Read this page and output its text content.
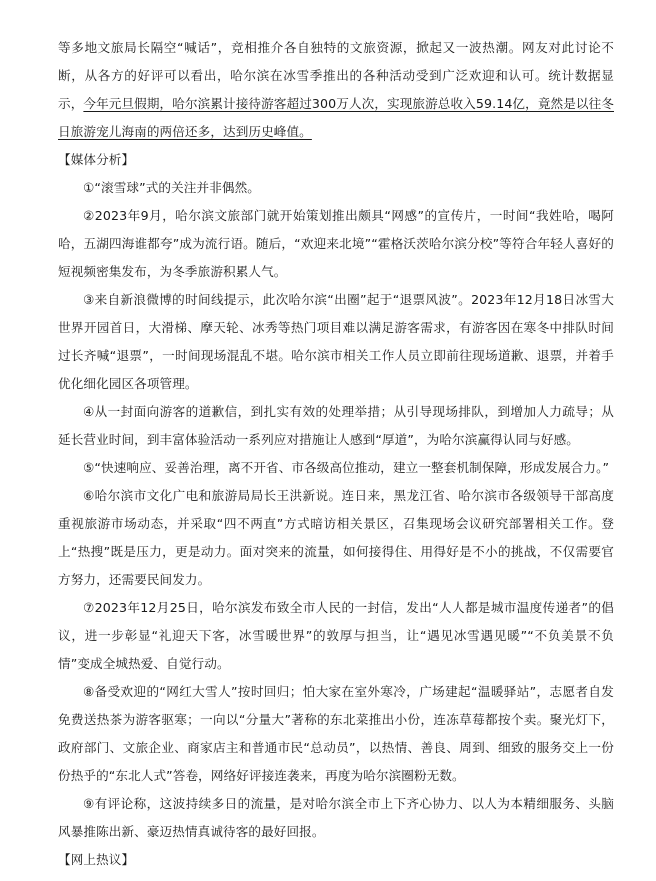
等多地文旅局长隔空“喊话”，竞相推介各自独特的文旅资源，掀起又一波热潮。网友对此讨论不断，从各方的好评可以看出，哈尔滨在冰雪季推出的各种活动受到广泛欢迎和认可。统计数据显示，今年元旦假期，哈尔滨累计接待游客超过300万人次，实现旅游总收入59.14亿，竟然是以往冬日旅游宠儿海南的两倍还多，达到历史峰值。

【媒体分析】

①“滚雪球”式的关注并非偶然。

②2023年9月，哈尔滨文旅部门就开始策划推出颇具“网感”的宣传片，一时间“我姓哈，喝阿哈，五湖四海谁都夸”成为流行语。随后，“欢迎来北境”“霍格沃茨哈尔滨分校”等符合年轻人喜好的短视频密集发布，为冬季旅游积累人气。

③来自新浪微博的时间线提示，此次哈尔滨“出圈”起于“退票风波”。2023年12月18日冰雪大世界开园首日，大滑梯、摩天轮、冰秀等热门项目难以满足游客需求，有游客因在寒冬中排队时间过长齐喊“退票”，一时间现场混乱不堪。哈尔滨市相关工作人员立即前往现场道歉、退票，并着手优化细化园区各项管理。

④从一封面向游客的道歉信，到扎实有效的处理举措；从引导现场排队，到增加人力疏导；从延长营业时间，到丰富体验活动一系列应对措施让人感到“厚道”，为哈尔滨赢得认同与好感。

⑤“快速响应、妥善治理，离不开省、市各级高位推动，建立一整套机制保障，形成发展合力。”

⑥哈尔滨市文化广电和旅游局局长王洪新说。连日来，黑龙江省、哈尔滨市各级领导干部高度重视旅游市场动态，并采取“四不两直”方式暗访相关景区，召集现场会议研究部署相关工作。登上“热搜”既是压力，更是动力。面对突来的流量，如何接得住、用得好是不小的挑战，不仅需要官方努力，还需要民间发力。

⑦2023年12月25日，哈尔滨发布致全市人民的一封信，发出“人人都是城市温度传递者”的倡议，进一步彰显“礼迎天下客，冰雪暖世界”的敦厚与担当，让“遇见冰雪遇见暖”“不负美景不负情”变成全城热爱、自觉行动。

⑧备受欢迎的“网红大雪人”按时回归；怕大家在室外寒冷，广场建起“温暖驿站”，志愿者自发免费送热茶为游客驱寒；一向以“分量大”著称的东北菜推出小份，连冻草莓都按个卖。聚光灯下，政府部门、文旅企业、商家店主和普通市民“总动员”，以热情、善良、周到、细致的服务交上一份份热乎的“东北人式”答卷，网络好评接连袭来，再度为哈尔滨圈粉无数。

⑨有评论称，这波持续多日的流量，是对哈尔滨全市上下齐心协力、以人为本精细服务、头脑风暴推陈出新、豪迈热情真诚待客的最好回报。

【网上热议】
